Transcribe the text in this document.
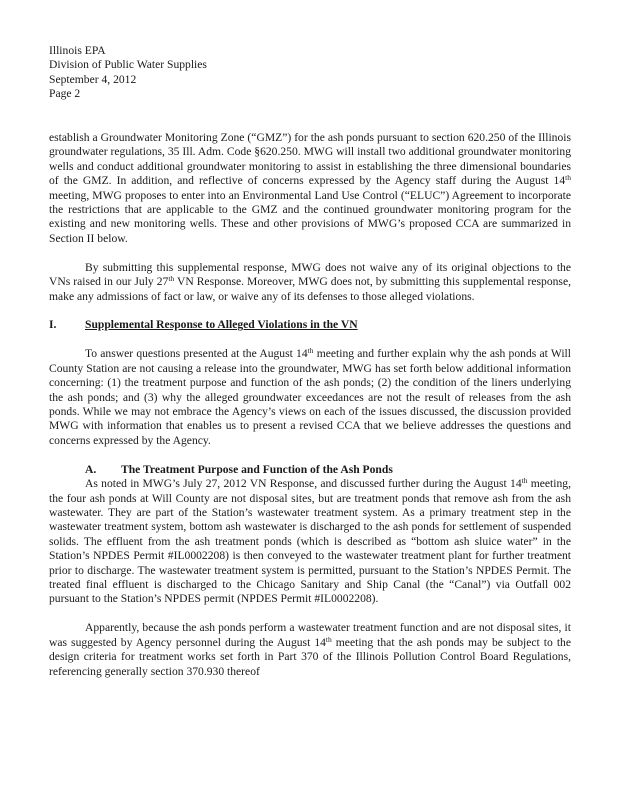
Illinois EPA
Division of Public Water Supplies
September 4, 2012
Page 2

establish a Groundwater Monitoring Zone (“GMZ”) for the ash ponds pursuant to section 620.250 of the Illinois groundwater regulations, 35 Ill. Adm. Code §620.250. MWG will install two additional groundwater monitoring wells and conduct additional groundwater monitoring to assist in establishing the three dimensional boundaries of the GMZ. In addition, and reflective of concerns expressed by the Agency staff during the August 14th meeting, MWG proposes to enter into an Environmental Land Use Control (“ELUC”) Agreement to incorporate the restrictions that are applicable to the GMZ and the continued groundwater monitoring program for the existing and new monitoring wells. These and other provisions of MWG’s proposed CCA are summarized in Section II below.

By submitting this supplemental response, MWG does not waive any of its original objections to the VNs raised in our July 27th VN Response. Moreover, MWG does not, by submitting this supplemental response, make any admissions of fact or law, or waive any of its defenses to those alleged violations.

I.	Supplemental Response to Alleged Violations in the VN

To answer questions presented at the August 14th meeting and further explain why the ash ponds at Will County Station are not causing a release into the groundwater, MWG has set forth below additional information concerning: (1) the treatment purpose and function of the ash ponds; (2) the condition of the liners underlying the ash ponds; and (3) why the alleged groundwater exceedances are not the result of releases from the ash ponds. While we may not embrace the Agency’s views on each of the issues discussed, the discussion provided MWG with information that enables us to present a revised CCA that we believe addresses the questions and concerns expressed by the Agency.

A.	The Treatment Purpose and Function of the Ash Ponds

As noted in MWG’s July 27, 2012 VN Response, and discussed further during the August 14th meeting, the four ash ponds at Will County are not disposal sites, but are treatment ponds that remove ash from the ash wastewater. They are part of the Station’s wastewater treatment system. As a primary treatment step in the wastewater treatment system, bottom ash wastewater is discharged to the ash ponds for settlement of suspended solids. The effluent from the ash treatment ponds (which is described as “bottom ash sluice water” in the Station’s NPDES Permit #IL0002208) is then conveyed to the wastewater treatment plant for further treatment prior to discharge. The wastewater treatment system is permitted, pursuant to the Station’s NPDES Permit. The treated final effluent is discharged to the Chicago Sanitary and Ship Canal (the “Canal”) via Outfall 002 pursuant to the Station’s NPDES permit (NPDES Permit #IL0002208).

Apparently, because the ash ponds perform a wastewater treatment function and are not disposal sites, it was suggested by Agency personnel during the August 14th meeting that the ash ponds may be subject to the design criteria for treatment works set forth in Part 370 of the Illinois Pollution Control Board Regulations, referencing generally section 370.930 thereof
